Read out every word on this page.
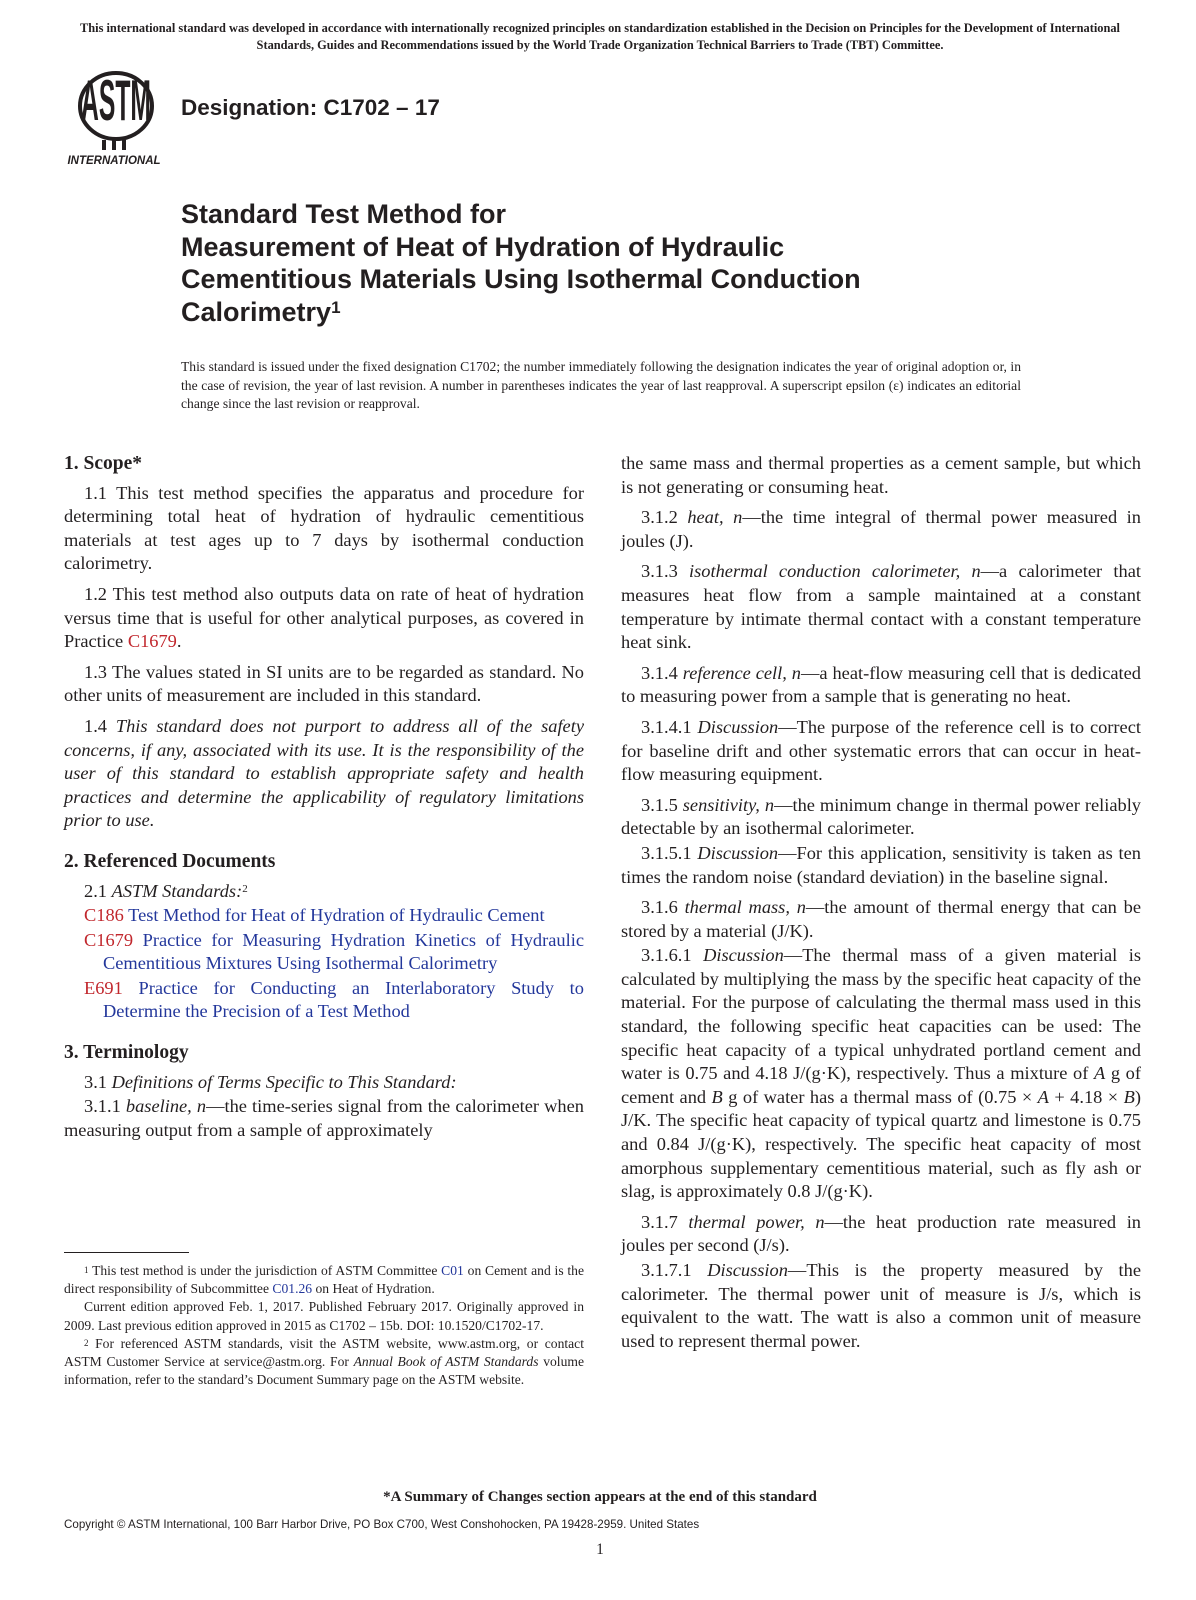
This international standard was developed in accordance with internationally recognized principles on standardization established in the Decision on Principles for the Development of International Standards, Guides and Recommendations issued by the World Trade Organization Technical Barriers to Trade (TBT) Committee.
ASTM
INTERNATIONAL
Designation: C1702 – 17
Standard Test Method for
Measurement of Heat of Hydration of Hydraulic
Cementitious Materials Using Isothermal Conduction
Calorimetry$^1$
This standard is issued under the fixed designation C1702; the number immediately following the designation indicates the year of original adoption or, in the case of revision, the year of last revision. A number in parentheses indicates the year of last reapproval. A superscript epsilon (ε) indicates an editorial change since the last revision or reapproval.
1. Scope*

1.1 This test method specifies the apparatus and procedure for determining total heat of hydration of hydraulic cementitious materials at test ages up to 7 days by isothermal conduction calorimetry.

1.2 This test method also outputs data on rate of heat of hydration versus time that is useful for other analytical purposes, as covered in Practice C1679.

1.3 The values stated in SI units are to be regarded as standard. No other units of measurement are included in this standard.

1.4 This standard does not purport to address all of the safety concerns, if any, associated with its use. It is the responsibility of the user of this standard to establish appropriate safety and health practices and determine the applicability of regulatory limitations prior to use.

2. Referenced Documents

2.1 ASTM Standards:$^2$

C186 Test Method for Heat of Hydration of Hydraulic Cement
C1679 Practice for Measuring Hydration Kinetics of Hydraulic Cementitious Mixtures Using Isothermal Calorimetry
E691 Practice for Conducting an Interlaboratory Study to Determine the Precision of a Test Method
3. Terminology

3.1 Definitions of Terms Specific to This Standard:

3.1.1 baseline, n—the time-series signal from the calorimeter when measuring output from a sample of approximately

$^1$ This test method is under the jurisdiction of ASTM Committee C01 on Cement and is the direct responsibility of Subcommittee C01.26 on Heat of Hydration.

Current edition approved Feb. 1, 2017. Published February 2017. Originally approved in 2009. Last previous edition approved in 2015 as C1702 – 15b. DOI: 10.1520/C1702-17.

$^2$ For referenced ASTM standards, visit the ASTM website, www.astm.org, or contact ASTM Customer Service at service@astm.org. For Annual Book of ASTM Standards volume information, refer to the standard’s Document Summary page on the ASTM website.

the same mass and thermal properties as a cement sample, but which is not generating or consuming heat.

3.1.2 heat, n—the time integral of thermal power measured in joules (J).

3.1.3 isothermal conduction calorimeter, n—a calorimeter that measures heat flow from a sample maintained at a constant temperature by intimate thermal contact with a constant temperature heat sink.

3.1.4 reference cell, n—a heat-flow measuring cell that is dedicated to measuring power from a sample that is generating no heat.

3.1.4.1 Discussion—The purpose of the reference cell is to correct for baseline drift and other systematic errors that can occur in heat-flow measuring equipment.

3.1.5 sensitivity, n—the minimum change in thermal power reliably detectable by an isothermal calorimeter.

3.1.5.1 Discussion—For this application, sensitivity is taken as ten times the random noise (standard deviation) in the baseline signal.

3.1.6 thermal mass, n—the amount of thermal energy that can be stored by a material (J/K).

3.1.6.1 Discussion—The thermal mass of a given material is calculated by multiplying the mass by the specific heat capacity of the material. For the purpose of calculating the thermal mass used in this standard, the following specific heat capacities can be used: The specific heat capacity of a typical unhydrated portland cement and water is 0.75 and 4.18 J/(g·K), respectively. Thus a mixture of A g of cement and B g of water has a thermal mass of (0.75 × A + 4.18 × B) J/K. The specific heat capacity of typical quartz and limestone is 0.75 and 0.84 J/(g·K), respectively. The specific heat capacity of most amorphous supplementary cementitious material, such as fly ash or slag, is approximately 0.8 J/(g·K).

3.1.7 thermal power, n—the heat production rate measured in joules per second (J/s).

3.1.7.1 Discussion—This is the property measured by the calorimeter. The thermal power unit of measure is J/s, which is equivalent to the watt. The watt is also a common unit of measure used to represent thermal power.

*A Summary of Changes section appears at the end of this standard
Copyright © ASTM International, 100 Barr Harbor Drive, PO Box C700, West Conshohocken, PA 19428-2959. United States
1
